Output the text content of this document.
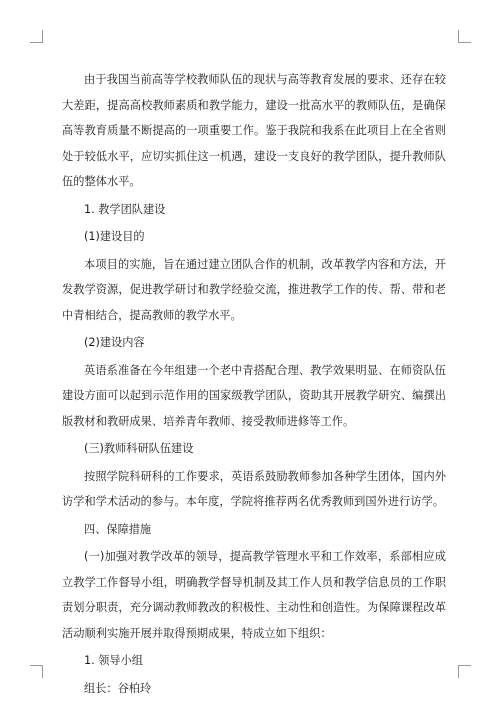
由于我国当前高等学校教师队伍的现状与高等教育发展的要求、还存在较大差距，提高高校教师素质和教学能力，建设一批高水平的教师队伍，是确保高等教育质量不断提高的一项重要工作。鉴于我院和我系在此项目上在全省则处于较低水平，应切实抓住这一机遇，建设一支良好的教学团队，提升教师队伍的整体水平。

1. 教学团队建设

(1)建设目的

本项目的实施，旨在通过建立团队合作的机制，改革教学内容和方法，开发教学资源，促进教学研讨和教学经验交流，推进教学工作的传、帮、带和老中青相结合，提高教师的教学水平。

(2)建设内容

英语系准备在今年组建一个老中青搭配合理、教学效果明显、在师资队伍建设方面可以起到示范作用的国家级教学团队，资助其开展教学研究、编撰出版教材和教研成果、培养青年教师、接受教师进修等工作。

(三)教师科研队伍建设

按照学院科研科的工作要求，英语系鼓励教师参加各种学生团体，国内外访学和学术活动的参与。本年度，学院将推荐两名优秀教师到国外进行访学。

四、保障措施

(一)加强对教学改革的领导，提高教学管理水平和工作效率，系部相应成立教学工作督导小组，明确教学督导机制及其工作人员和教学信息员的工作职责划分职责，充分调动教师教改的积极性、主动性和创造性。为保障课程改革活动顺利实施开展并取得预期成果，特成立如下组织：

1. 领导小组

组长：谷柏玲
